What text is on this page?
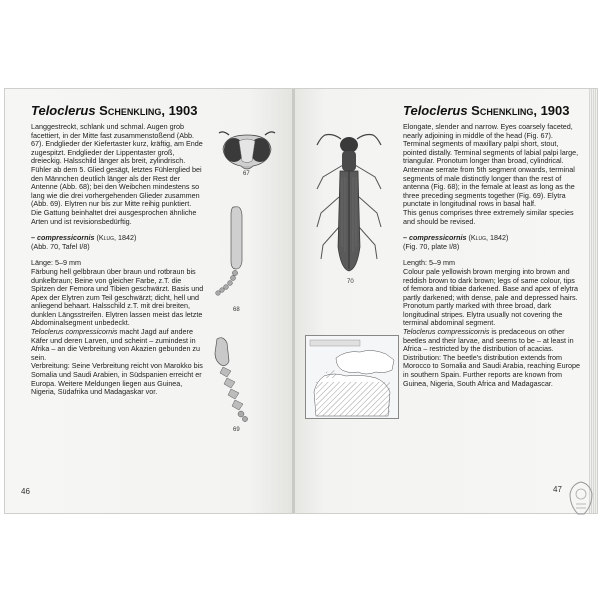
Teloclerus Schenkling, 1903

Langgestreckt, schlank und schmal. Augen grob facettiert, in der Mitte fast zusammenstoßend (Abb. 67). Endglieder der Kiefertaster kurz, kräftig, am Ende zugespitzt. Endglieder der Lippentaster groß, dreieckig. Halsschild länger als breit, zylindrisch. Fühler ab dem 5. Glied gesägt, letztes Fühlerglied bei den Männchen deutlich länger als der Rest der Antenne (Abb. 68); bei den Weibchen mindestens so lang wie die drei vorhergehenden Glieder zusammen (Abb. 69). Elytren nur bis zur Mitte reihig punktiert.

Die Gattung beinhaltet drei ausgesprochen ähnliche Arten und ist revisionsbedürftig.

– compressicornis (Klug, 1842)

(Abb. 70, Tafel I/8)

Länge: 5–9 mm

Färbung hell gelbbraun über braun und rotbraun bis dunkelbraun; Beine von gleicher Farbe, z.T. die Spitzen der Femora und Tibien geschwärzt. Basis und Apex der Elytren zum Teil geschwärzt; dicht, hell und anliegend behaart. Halsschild z.T. mit drei breiten, dunklen Längsstreifen. Elytren lassen meist das letzte Abdominalsegment unbedeckt.

Teloclerus compressicornis macht Jagd auf andere Käfer und deren Larven, und scheint – zumindest in Afrika – an die Verbreitung von Akazien gebunden zu sein.

Verbreitung: Seine Verbreitung reicht von Marokko bis Somalia und Saudi Arabien, in Südspanien erreicht er Europa. Weitere Meldungen liegen aus Guinea, Nigeria, Südafrika und Madagaskar vor.

67
68
69
46
Teloclerus Schenkling, 1903

Elongate, slender and narrow. Eyes coarsely faceted, nearly adjoining in middle of the head (Fig. 67). Terminal segments of maxillary palpi short, stout, pointed distally. Terminal segments of labial palpi large, triangular. Pronotum longer than broad, cylindrical. Antennae serrate from 5th segment onwards, terminal segments of male distinctly longer than the rest of antenna (Fig. 68); in the female at least as long as the three preceding segments together (Fig. 69). Elytra punctate in longitudinal rows in basal half.

This genus comprises three extremely similar species and should be revised.

– compressicornis (Klug, 1842)

(Fig. 70, plate I/8)

Length: 5–9 mm

Colour pale yellowish brown merging into brown and reddish brown to dark brown; legs of same colour, tips of femora and tibiae darkened. Base and apex of elytra partly darkened; with dense, pale and depressed hairs. Pronotum partly marked with three broad, dark longitudinal stripes. Elytra usually not covering the terminal abdominal segment.

Teloclerus compressicornis is predaceous on other beetles and their larvae, and seems to be – at least in Africa – restricted by the distribution of acacias.

Distribution: The beetle's distribution extends from Morocco to Somalia and Saudi Arabia, reaching Europe in southern Spain. Further reports are known from Guinea, Nigeria, South Africa and Madagascar.

70
47
